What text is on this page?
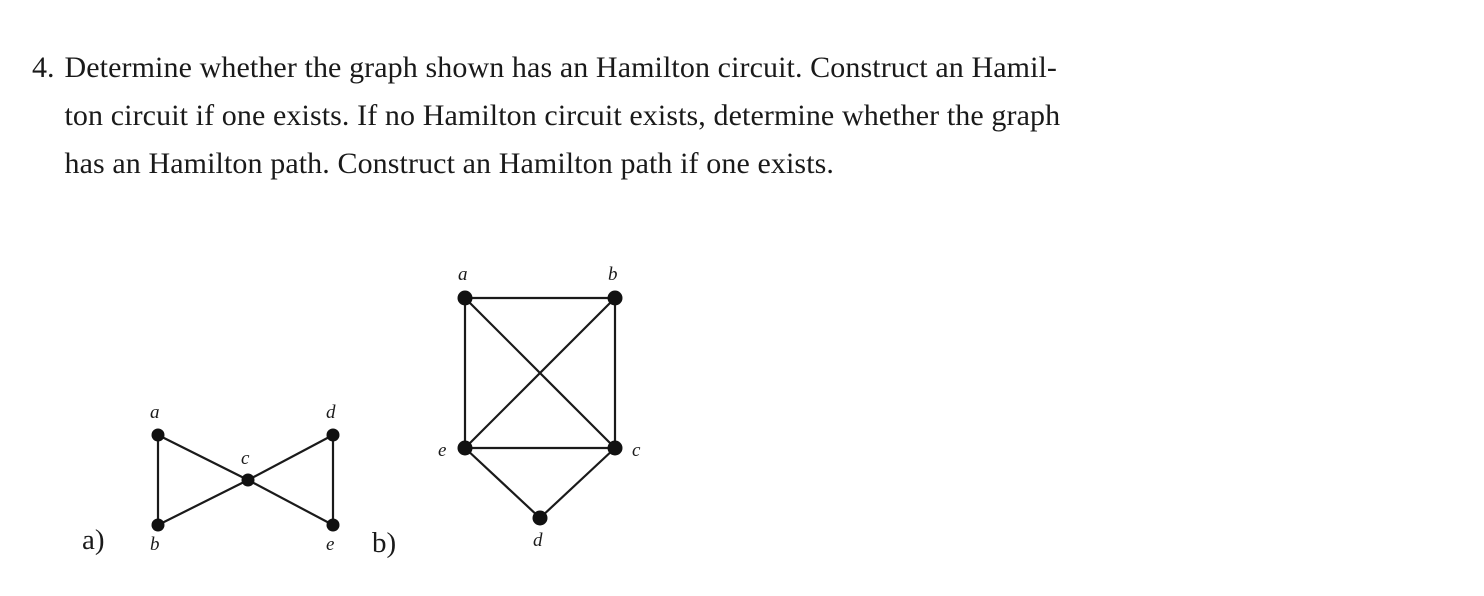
4. Determine whether the graph shown has an Hamilton circuit. Construct an Hamil-
ton circuit if one exists. If no Hamilton circuit exists, determine whether the graph
has an Hamilton path. Construct an Hamilton path if one exists.
a
b
c
d
e
a)
a	b
c
d
e
b)
